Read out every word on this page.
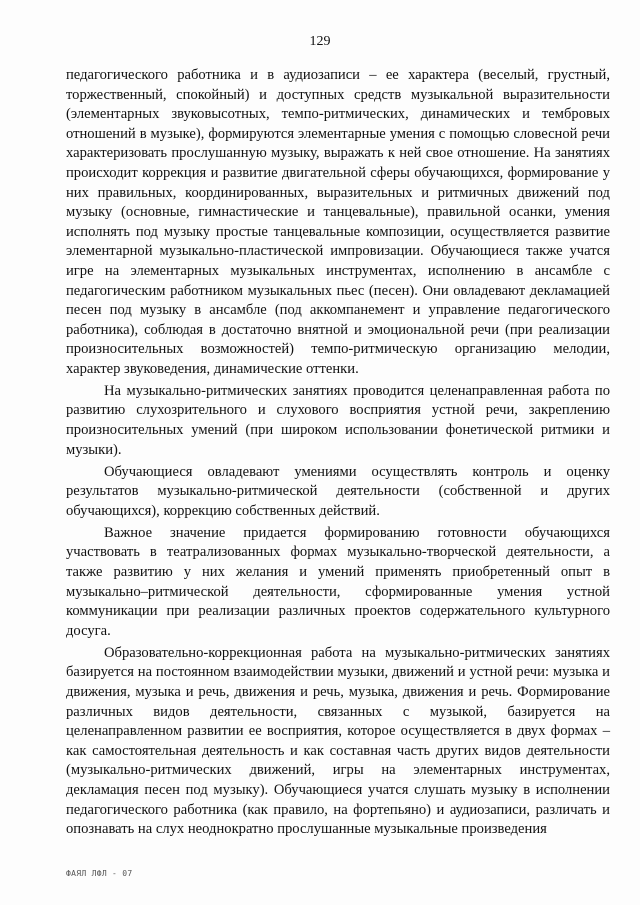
129

педагогического работника и в аудиозаписи – ее характера (веселый, грустный, торжественный, спокойный) и доступных средств музыкальной выразительности (элементарных звуковысотных, темпо-ритмических, динамических и тембровых отношений в музыке), формируются элементарные умения с помощью словесной речи характеризовать прослушанную музыку, выражать к ней свое отношение. На занятиях происходит коррекция и развитие двигательной сферы обучающихся, формирование у них правильных, координированных, выразительных и ритмичных движений под музыку (основные, гимнастические и танцевальные), правильной осанки, умения исполнять под музыку простые танцевальные композиции, осуществляется развитие элементарной музыкально-пластической импровизации. Обучающиеся также учатся игре на элементарных музыкальных инструментах, исполнению в ансамбле с педагогическим работником музыкальных пьес (песен). Они овладевают декламацией песен под музыку в ансамбле (под аккомпанемент и управление педагогического работника), соблюдая в достаточно внятной и эмоциональной речи (при реализации произносительных возможностей) темпо-ритмическую организацию мелодии, характер звуковедения, динамические оттенки.

На музыкально-ритмических занятиях проводится целенаправленная работа по развитию слухозрительного и слухового восприятия устной речи, закреплению произносительных умений (при широком использовании фонетической ритмики и музыки).

Обучающиеся овладевают умениями осуществлять контроль и оценку результатов музыкально-ритмической деятельности (собственной и других обучающихся), коррекцию собственных действий.

Важное значение придается формированию готовности обучающихся участвовать в театрализованных формах музыкально-творческой деятельности, а также развитию у них желания и умений применять приобретенный опыт в музыкально–ритмической деятельности, сформированные умения устной коммуникации при реализации различных проектов содержательного культурного досуга.

Образовательно-коррекционная работа на музыкально-ритмических занятиях базируется на постоянном взаимодействии музыки, движений и устной речи: музыка и движения, музыка и речь, движения и речь, музыка, движения и речь. Формирование различных видов деятельности, связанных с музыкой, базируется на целенаправленном развитии ее восприятия, которое осуществляется в двух формах – как самостоятельная деятельность и как составная часть других видов деятельности (музыкально-ритмических движений, игры на элементарных инструментах, декламация песен под музыку). Обучающиеся учатся слушать музыку в исполнении педагогического работника (как правило, на фортепьяно) и аудиозаписи, различать и опознавать на слух неоднократно прослушанные музыкальные произведения

ФАЯЛ ЛФЛ - 07
